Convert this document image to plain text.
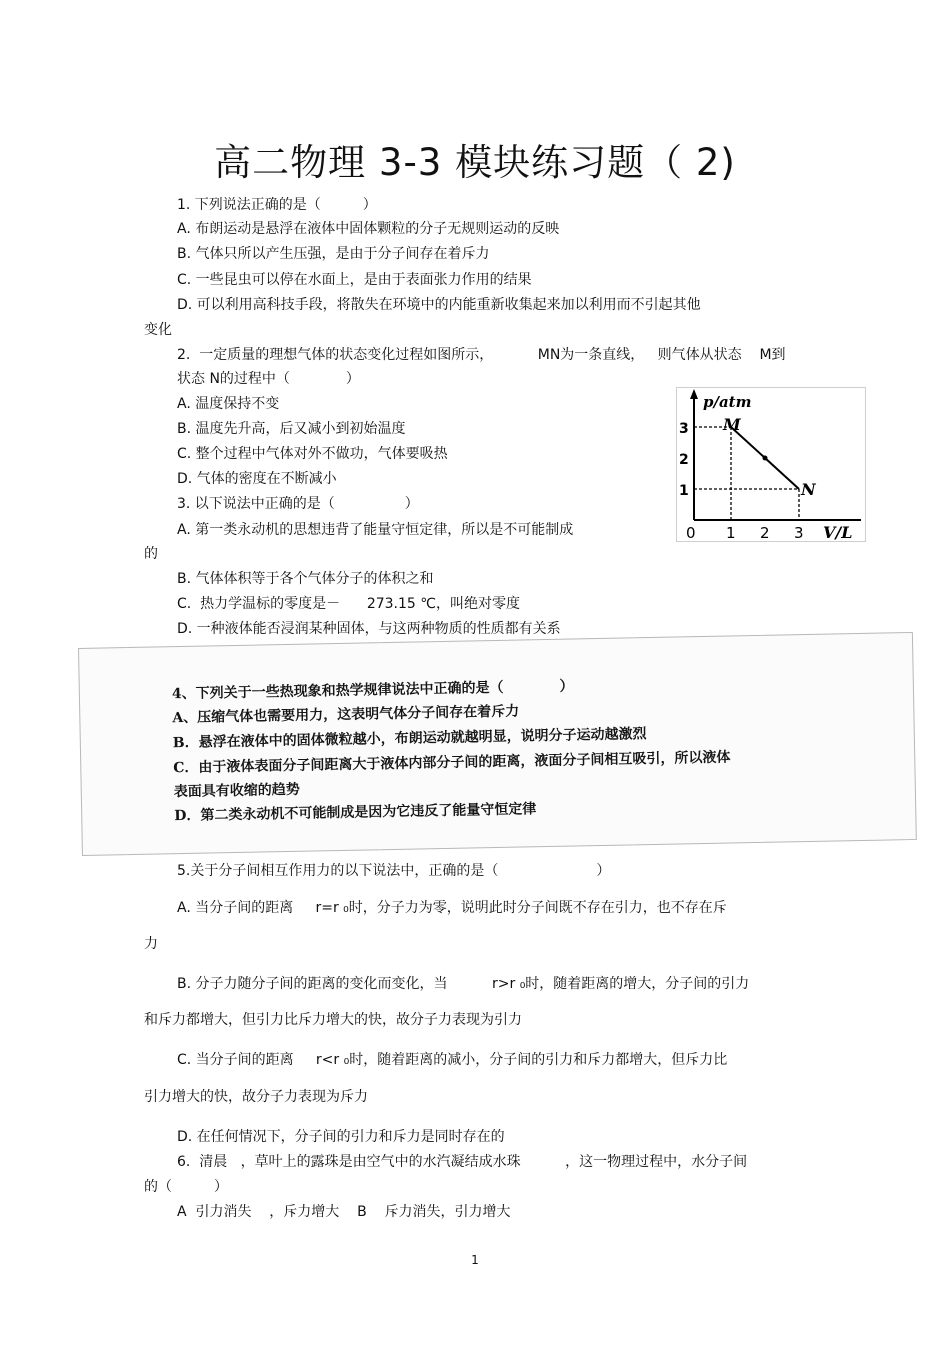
高二物理 3-3 模块练习题（ 2)
1. 下列说法正确的是（　　　）
A. 布朗运动是悬浮在液体中固体颗粒的分子无规则运动的反映
B. 气体只所以产生压强，是由于分子间存在着斥力
C. 一些昆虫可以停在水面上，是由于表面张力作用的结果
D. 可以利用高科技手段，将散失在环境中的内能重新收集起来加以利用而不引起其他
变化
2.  一定质量的理想气体的状态变化过程如图所示，          MN为一条直线，   则气体从状态    M到
状态 N的过程中（　　　　）
A. 温度保持不变
B. 温度先升高，后又减小到初始温度
C. 整个过程中气体对外不做功，气体要吸热
D. 气体的密度在不断减小
p/atm
M
N
3
2
1
0 1 2 3 V/L
3. 以下说法中正确的是（　　　　　）
A. 第一类永动机的思想违背了能量守恒定律，所以是不可能制成
的
B. 气体体积等于各个气体分子的体积之和
C.  热力学温标的零度是－      273.15 ℃，叫绝对零度
D. 一种液体能否浸润某种固体，与这两种物质的性质都有关系
4、下列关于一些热现象和热学规律说法中正确的是（　　　　）
A、压缩气体也需要用力，这表明气体分子间存在着斥力
B．悬浮在液体中的固体微粒越小，布朗运动就越明显，说明分子运动越激烈
C．由于液体表面分子间距离大于液体内部分子间的距离，液面分子间相互吸引，所以液体
表面具有收缩的趋势
D．第二类永动机不可能制成是因为它违反了能量守恒定律
5.关于分子间相互作用力的以下说法中，正确的是（　　　　　　　）
A. 当分子间的距离     r=r ₀时，分子力为零，说明此时分子间既不存在引力，也不存在斥
力
B. 分子力随分子间的距离的变化而变化，当          r>r ₀时，随着距离的增大，分子间的引力
和斥力都增大，但引力比斥力增大的快，故分子力表现为引力
C. 当分子间的距离     r<r ₀时，随着距离的减小，分子间的引力和斥力都增大，但斥力比
引力增大的快，故分子力表现为斥力
D. 在任何情况下，分子间的引力和斥力是同时存在的
6.  清晨   ，草叶上的露珠是由空气中的水汽凝结成水珠          ，这一物理过程中，水分子间
的（　　　）
A  引力消失    ，斥力增大    B    斥力消失，引力增大
1
